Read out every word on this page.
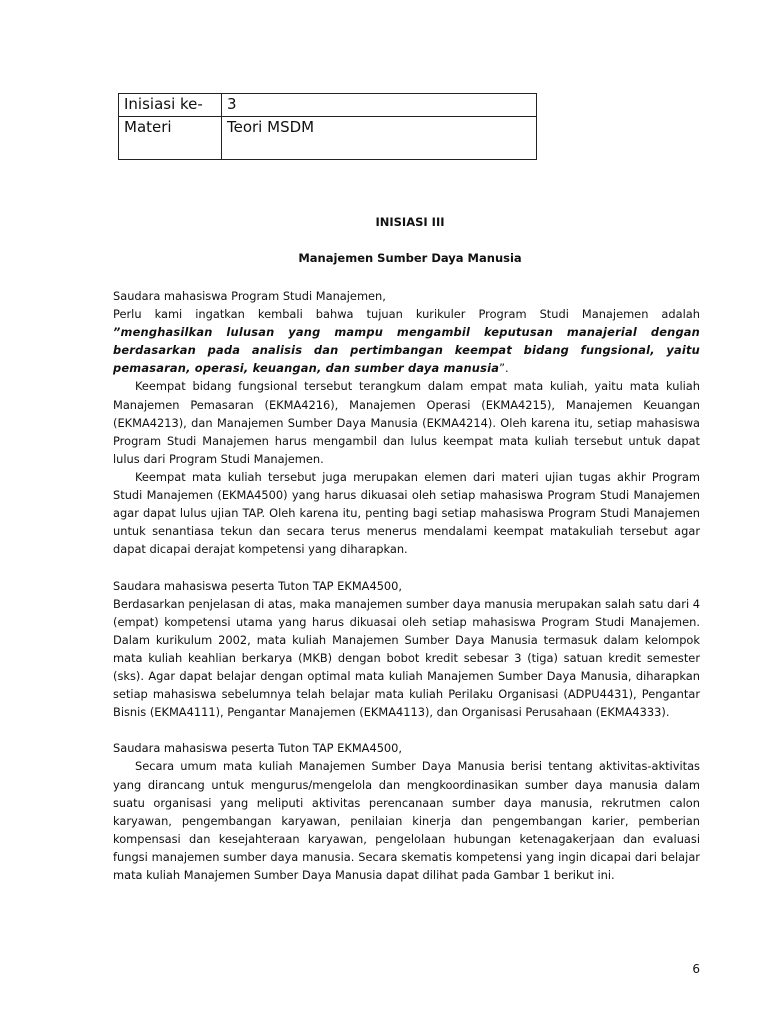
Inisiasi ke-	3
Materi	Teori MSDM
INISIASI III
Manajemen Sumber Daya Manusia

Saudara mahasiswa Program Studi Manajemen,

Perlu kami ingatkan kembali bahwa tujuan kurikuler Program Studi Manajemen adalah ”menghasilkan lulusan yang mampu mengambil keputusan manajerial dengan berdasarkan pada analisis dan pertimbangan keempat bidang fungsional, yaitu pemasaran, operasi, keuangan, dan sumber daya manusia”.

Keempat bidang fungsional tersebut terangkum dalam empat mata kuliah, yaitu mata kuliah Manajemen Pemasaran (EKMA4216), Manajemen Operasi (EKMA4215), Manajemen Keuangan (EKMA4213), dan Manajemen Sumber Daya Manusia (EKMA4214). Oleh karena itu, setiap mahasiswa Program Studi Manajemen harus mengambil dan lulus keempat mata kuliah tersebut untuk dapat lulus dari Program Studi Manajemen.

Keempat mata kuliah tersebut juga merupakan elemen dari materi ujian tugas akhir Program Studi Manajemen (EKMA4500) yang harus dikuasai oleh setiap mahasiswa Program Studi Manajemen agar dapat lulus ujian TAP. Oleh karena itu, penting bagi setiap mahasiswa Program Studi Manajemen untuk senantiasa tekun dan secara terus menerus mendalami keempat matakuliah tersebut agar dapat dicapai derajat kompetensi yang diharapkan.

Saudara mahasiswa peserta Tuton TAP EKMA4500,

Berdasarkan penjelasan di atas, maka manajemen sumber daya manusia merupakan salah satu dari 4 (empat) kompetensi utama yang harus dikuasai oleh setiap mahasiswa Program Studi Manajemen. Dalam kurikulum 2002, mata kuliah Manajemen Sumber Daya Manusia termasuk dalam kelompok mata kuliah keahlian berkarya (MKB) dengan bobot kredit sebesar 3 (tiga) satuan kredit semester (sks). Agar dapat belajar dengan optimal mata kuliah Manajemen Sumber Daya Manusia, diharapkan setiap mahasiswa sebelumnya telah belajar mata kuliah Perilaku Organisasi (ADPU4431), Pengantar Bisnis (EKMA4111), Pengantar Manajemen (EKMA4113), dan Organisasi Perusahaan (EKMA4333).

Saudara mahasiswa peserta Tuton TAP EKMA4500,

Secara umum mata kuliah Manajemen Sumber Daya Manusia berisi tentang aktivitas-aktivitas yang dirancang untuk mengurus/mengelola dan mengkoordinasikan sumber daya manusia dalam suatu organisasi yang meliputi aktivitas perencanaan sumber daya manusia, rekrutmen calon karyawan, pengembangan karyawan, penilaian kinerja dan pengembangan karier, pemberian kompensasi dan kesejahteraan karyawan, pengelolaan hubungan ketenagakerjaan dan evaluasi fungsi manajemen sumber daya manusia. Secara skematis kompetensi yang ingin dicapai dari belajar mata kuliah Manajemen Sumber Daya Manusia dapat dilihat pada Gambar 1 berikut ini.

6
